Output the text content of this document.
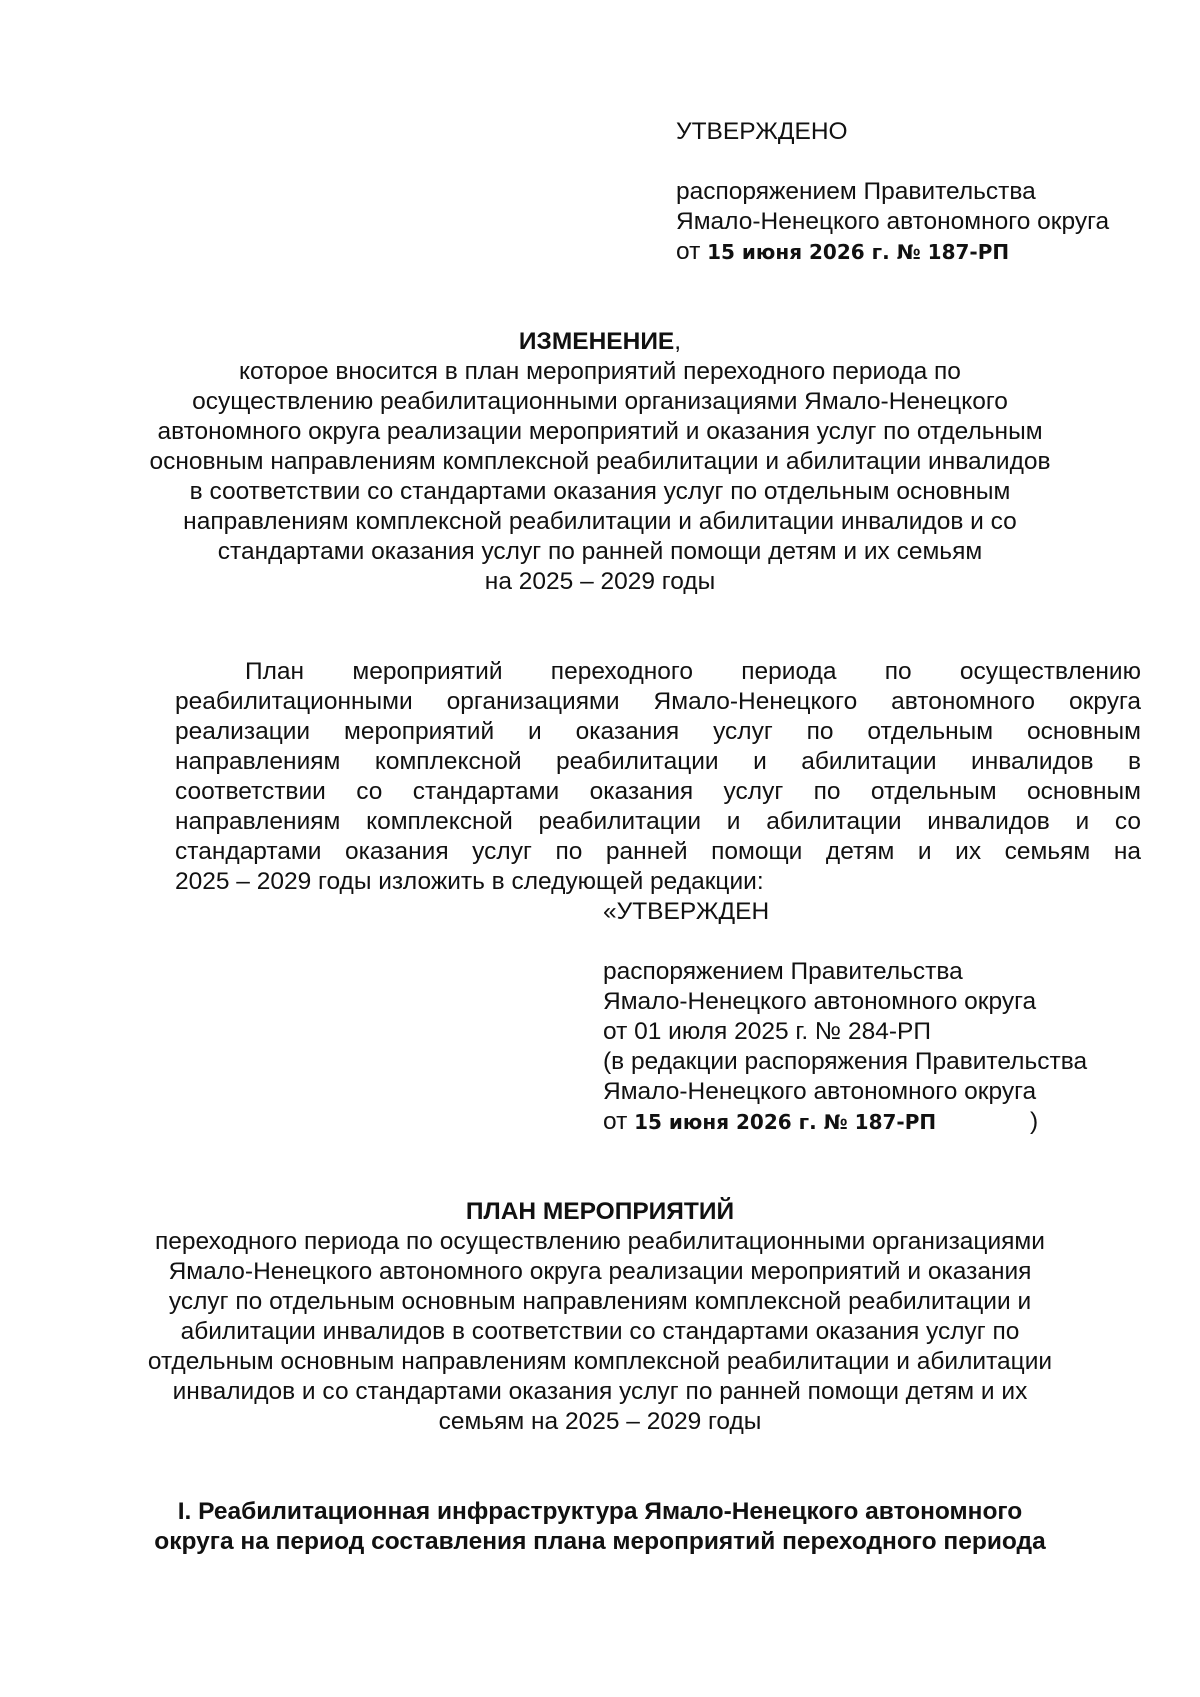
УТВЕРЖДЕНО
распоряжением Правительства
Ямало-Ненецкого автономного округа
от 15 июня 2026 г. № 187-РП
ИЗМЕНЕНИЕ,
которое вносится в план мероприятий переходного периода по
осуществлению реабилитационными организациями Ямало-Ненецкого
автономного округа реализации мероприятий и оказания услуг по отдельным
основным направлениям комплексной реабилитации и абилитации инвалидов
в соответствии со стандартами оказания услуг по отдельным основным
направлениям комплексной реабилитации и абилитации инвалидов и со
стандартами оказания услуг по ранней помощи детям и их семьям
на 2025 – 2029 годы
План мероприятий переходного периода по осуществлению
реабилитационными организациями Ямало-Ненецкого автономного округа
реализации мероприятий и оказания услуг по отдельным основным
направлениям комплексной реабилитации и абилитации инвалидов в
соответствии со стандартами оказания услуг по отдельным основным
направлениям комплексной реабилитации и абилитации инвалидов и со
стандартами оказания услуг по ранней помощи детям и их семьям на
2025 – 2029 годы изложить в следующей редакции:
«УТВЕРЖДЕН
распоряжением Правительства
Ямало-Ненецкого автономного округа
от 01 июля 2025 г. № 284-РП
(в редакции распоряжения Правительства
Ямало-Ненецкого автономного округа
от 15 июня 2026 г. № 187-РП	)
ПЛАН МЕРОПРИЯТИЙ
переходного периода по осуществлению реабилитационными организациями
Ямало-Ненецкого автономного округа реализации мероприятий и оказания
услуг по отдельным основным направлениям комплексной реабилитации и
абилитации инвалидов в соответствии со стандартами оказания услуг по
отдельным основным направлениям комплексной реабилитации и абилитации
инвалидов и со стандартами оказания услуг по ранней помощи детям и их
семьям на 2025 – 2029 годы
I. Реабилитационная инфраструктура Ямало-Ненецкого автономного
округа на период составления плана мероприятий переходного периода
